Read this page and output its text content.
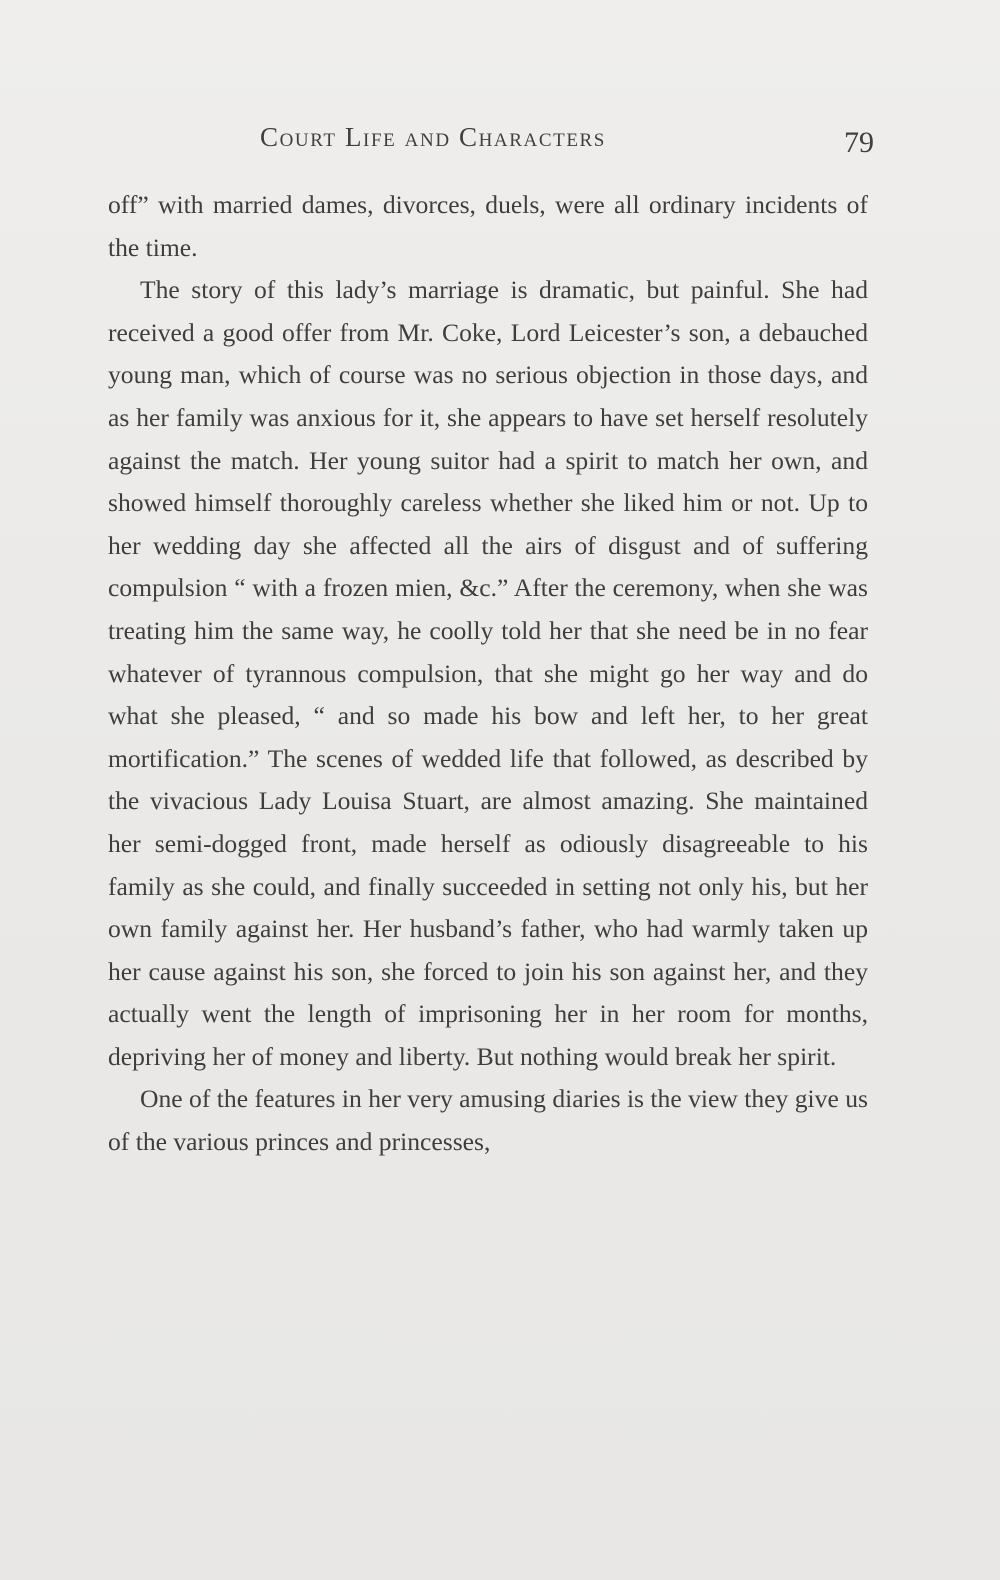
Court Life and Characters	79

off” with married dames, divorces, duels, were all ordinary incidents of the time.

The story of this lady’s marriage is dramatic, but painful. She had received a good offer from Mr. Coke, Lord Leicester’s son, a debauched young man, which of course was no serious objection in those days, and as her family was anxious for it, she appears to have set herself resolutely against the match. Her young suitor had a spirit to match her own, and showed himself thoroughly careless whether she liked him or not. Up to her wedding day she affected all the airs of disgust and of suffering compulsion “ with a frozen mien, &c.” After the ceremony, when she was treating him the same way, he coolly told her that she need be in no fear whatever of tyrannous compulsion, that she might go her way and do what she pleased, “ and so made his bow and left her, to her great mortification.” The scenes of wedded life that followed, as described by the vivacious Lady Louisa Stuart, are almost amazing. She maintained her semi-dogged front, made herself as odiously disagreeable to his family as she could, and finally succeeded in setting not only his, but her own family against her. Her husband’s father, who had warmly taken up her cause against his son, she forced to join his son against her, and they actually went the length of imprisoning her in her room for months, depriving her of money and liberty. But nothing would break her spirit.

One of the features in her very amusing diaries is the view they give us of the various princes and princesses,
